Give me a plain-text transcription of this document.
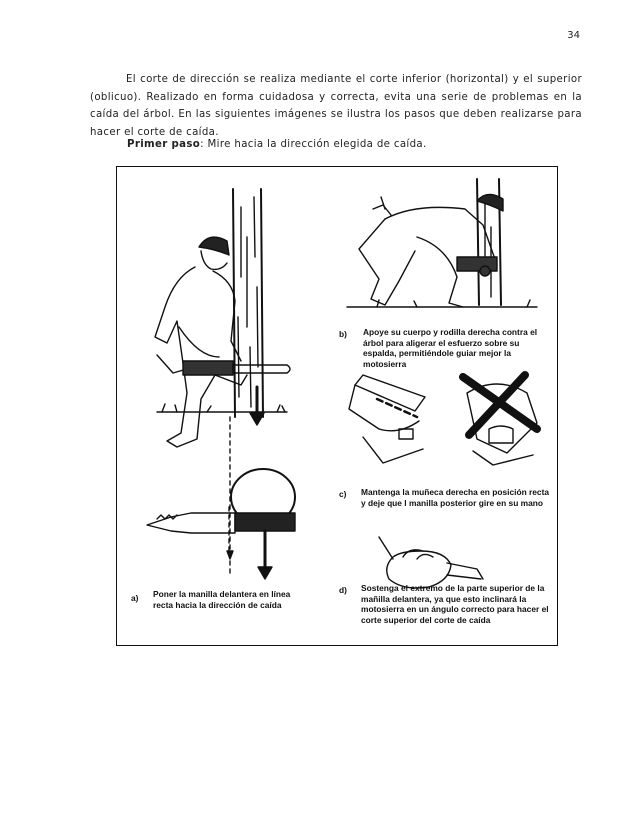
34
El corte de dirección se realiza mediante el corte inferior (horizontal) y el superior (oblicuo). Realizado en forma cuidadosa y correcta, evita una serie de problemas en la caída del árbol. En las siguientes imágenes se ilustra los pasos que deben realizarse para hacer el corte de caída.
Primer paso: Mire hacia la dirección elegida de caída.
b) Apoye su cuerpo y rodilla derecha contra el árbol para aligerar el esfuerzo sobre su espalda, permitiéndole guiar mejor la motosierra
c) Mantenga la muñeca derecha en posición recta y deje que l manilla posterior gire en su mano
d) Sostenga el extremo de la parte superior de la mañilla delantera, ya que esto inclinará la motosierra en un ángulo correcto para hacer el corte superior del corte de caída
a) Poner la manilla delantera en línea recta hacia la dirección de caída
